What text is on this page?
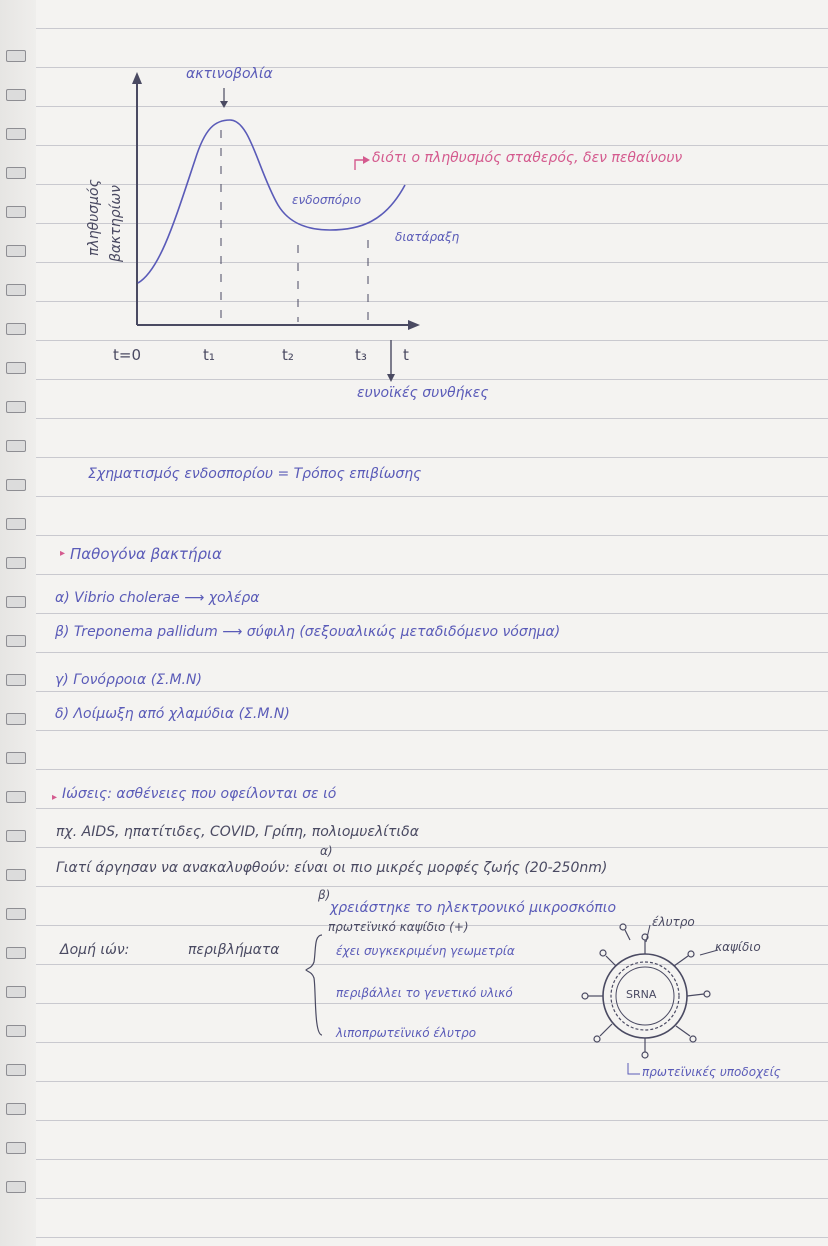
ακτινοβολία
διότι ο πληθυσμός σταθερός, δεν πεθαίνουν
ενδοσπόριο
διατάραξη
πληθυσμός βακτηρίων
t=0	t₁	t₂	t₃ t
ευνοϊκές συνθήκες
Σχηματισμός ενδοσπορίου = Τρόπος επιβίωσης
▸ Παθογόνα βακτήρια
α) Vibrio cholerae ⟶ χολέρα
β) Treponema pallidum ⟶ σύφιλη (σεξουαλικώς μεταδιδόμενο νόσημα)
γ) Γονόρροια (Σ.Μ.Ν)
δ) Λοίμωξη από χλαμύδια (Σ.Μ.Ν)
▸ Ιώσεις: ασθένειες που οφείλονται σε ιό
πχ. AIDS, ηπατίτιδες, COVID, Γρίπη, πολιομυελίτιδα
α)
Γιατί άργησαν να ανακαλυφθούν: είναι οι πιο μικρές μορφές ζωής (20-250nm)
β)
χρειάστηκε το ηλεκτρονικό μικροσκόπιο
Δομή ιών:	περιβλήματα
πρωτεϊνικό καψίδιο (+)
έχει συγκεκριμένη γεωμετρία
περιβάλλει το γενετικό υλικό
λιποπρωτεϊνικό έλυτρο
έλυτρο
καψίδιο
SRNA
πρωτεϊνικές υποδοχείς
